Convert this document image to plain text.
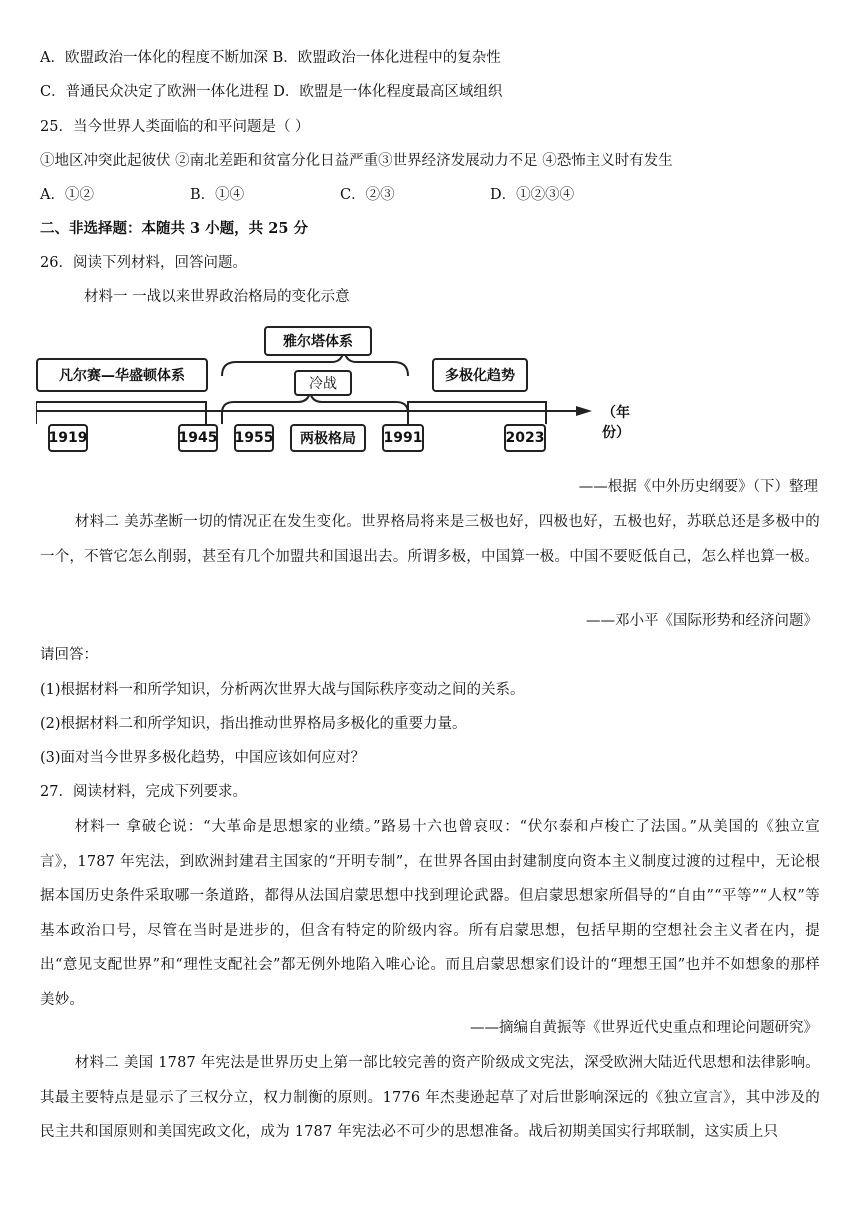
A．欧盟政治一体化的程度不断加深 B．欧盟政治一体化进程中的复杂性
C．普通民众决定了欧洲一体化进程 D．欧盟是一体化程度最高区域组织
25．当今世界人类面临的和平问题是（ ）
①地区冲突此起彼伏 ②南北差距和贫富分化日益严重③世界经济发展动力不足 ④恐怖主义时有发生
A．①②	B．①④	C．②③	D．①②③④
二、非选择题：本随共 3 小题，共 25 分
26．阅读下列材料，回答问题。
材料一 一战以来世界政治格局的变化示意
凡尔赛—华盛顿体系
雅尔塔体系
冷战	多极化趋势
1919	1945 1955	两极格局	1991	2023
（年份）
——根据《中外历史纲要》（下）整理
材料二 美苏垄断一切的情况正在发生变化。世界格局将来是三极也好，四极也好，五极也好，苏联总还是多极中的一个，不管它怎么削弱，甚至有几个加盟共和国退出去。所谓多极，中国算一极。中国不要贬低自己，怎么样也算一极。
——邓小平《国际形势和经济问题》
请回答：
(1)根据材料一和所学知识，分析两次世界大战与国际秩序变动之间的关系。
(2)根据材料二和所学知识，指出推动世界格局多极化的重要力量。
(3)面对当今世界多极化趋势，中国应该如何应对？
27．阅读材料，完成下列要求。
材料一 拿破仑说：“大革命是思想家的业绩。”路易十六也曾哀叹：“伏尔泰和卢梭亡了法国。”从美国的《独立宣言》，1787 年宪法，到欧洲封建君主国家的“开明专制”，在世界各国由封建制度向资本主义制度过渡的过程中，无论根据本国历史条件采取哪一条道路，都得从法国启蒙思想中找到理论武器。但启蒙思想家所倡导的“自由”“平等”“人权”等基本政治口号，尽管在当时是进步的，但含有特定的阶级内容。所有启蒙思想，包括早期的空想社会主义者在内，提出“意见支配世界”和“理性支配社会”都无例外地陷入唯心论。而且启蒙思想家们设计的“理想王国”也并不如想象的那样美妙。
——摘编自黄振等《世界近代史重点和理论问题研究》
材料二 美国 1787 年宪法是世界历史上第一部比较完善的资产阶级成文宪法，深受欧洲大陆近代思想和法律影响。其最主要特点是显示了三权分立，权力制衡的原则。1776 年杰斐逊起草了对后世影响深远的《独立宣言》，其中涉及的民主共和国原则和美国宪政文化，成为 1787 年宪法必不可少的思想准备。战后初期美国实行邦联制，这实质上只
